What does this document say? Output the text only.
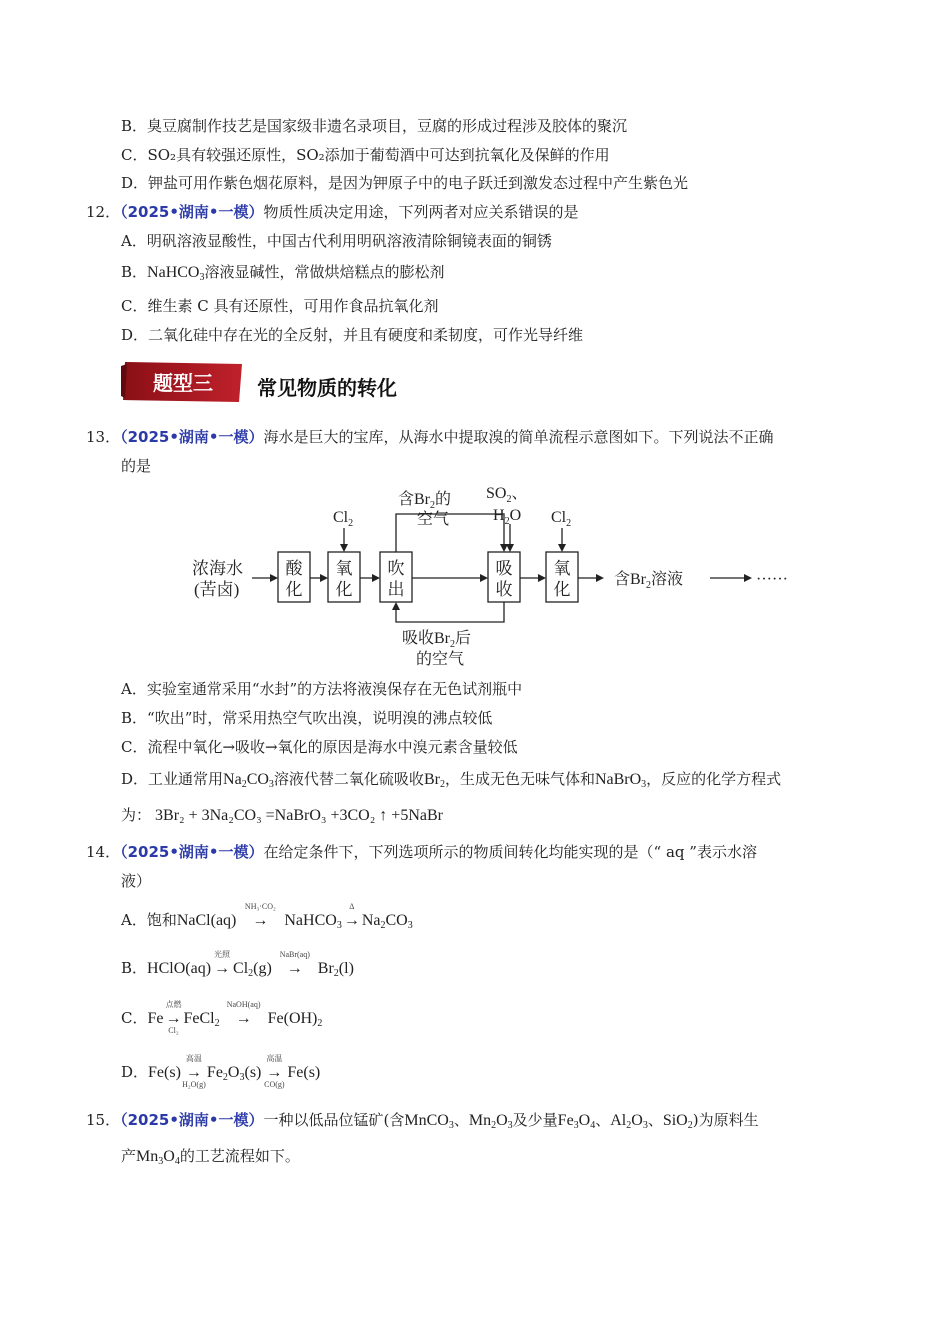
B．臭豆腐制作技艺是国家级非遗名录项目，豆腐的形成过程涉及胶体的聚沉
C．SO₂具有较强还原性，SO₂添加于葡萄酒中可达到抗氧化及保鲜的作用
D．钾盐可用作紫色烟花原料，是因为钾原子中的电子跃迁到激发态过程中产生紫色光
12．（2025•湖南•一模）物质性质决定用途，下列两者对应关系错误的是
A．明矾溶液显酸性，中国古代利用明矾溶液清除铜镜表面的铜锈
B．NaHCO$_3$溶液显碱性，常做烘焙糕点的膨松剂
C．维生素 C 具有还原性，可用作食品抗氧化剂
D．二氧化硅中存在光的全反射，并且有硬度和柔韧度，可作光导纤维
题型三 常见物质的转化
13．（2025•湖南•一模）海水是巨大的宝库，从海水中提取溴的简单流程示意图如下。下列说法不正确
的是
浓海水
(苦卤)
酸
化
氧
化
吹
出
吸
收
氧
化
$Cl_2$	$Cl_2$
含$Br_2$的
空气
$SO_2$、
$H_2O$
含$Br_2$溶液	······
吸收$Br_2$后
的空气
A．实验室通常采用“水封”的方法将液溴保存在无色试剂瓶中
B．“吹出”时，常采用热空气吹出溴，说明溴的沸点较低
C．流程中氧化→吸收→氧化的原因是海水中溴元素含量较低
D．工业通常用$Na_2CO_3$溶液代替二氧化硫吸收$Br_2$，生成无色无味气体和NaBrO$_3$，反应的化学方程式
为： 3Br₂ + 3Na₂CO₃ =NaBrO₃ +3CO₂ ↑ +5NaBr
14．（2025•湖南•一模）在给定条件下，下列选项所示的物质间转化均能实现的是（“ aq ”表示水溶
液）
A．饱和NaCl(aq) →
NH₃·CO₂
NaHCO$_3$ →
Δ
$Na_2CO_3$
B．HClO(aq) →
光照
$Cl_2(g)$ →
NaBr(aq)
$Br_2(l)$
C．Fe →
点燃
Cl₂
FeCl$_2$ →
NaOH(aq)
$Fe(OH)_2$
D．Fe(s) →
高温
H₂O(g)
$Fe_2O_3(s)$ →
高温
CO(g)
Fe(s)
15．（2025•湖南•一模）一种以低品位锰矿(含MnCO$_3$、$Mn_2O_3$及少量$Fe_3O_4$、$Al_2O_3$、SiO$_2$)为原料生
产$Mn_3O_4$的工艺流程如下。
